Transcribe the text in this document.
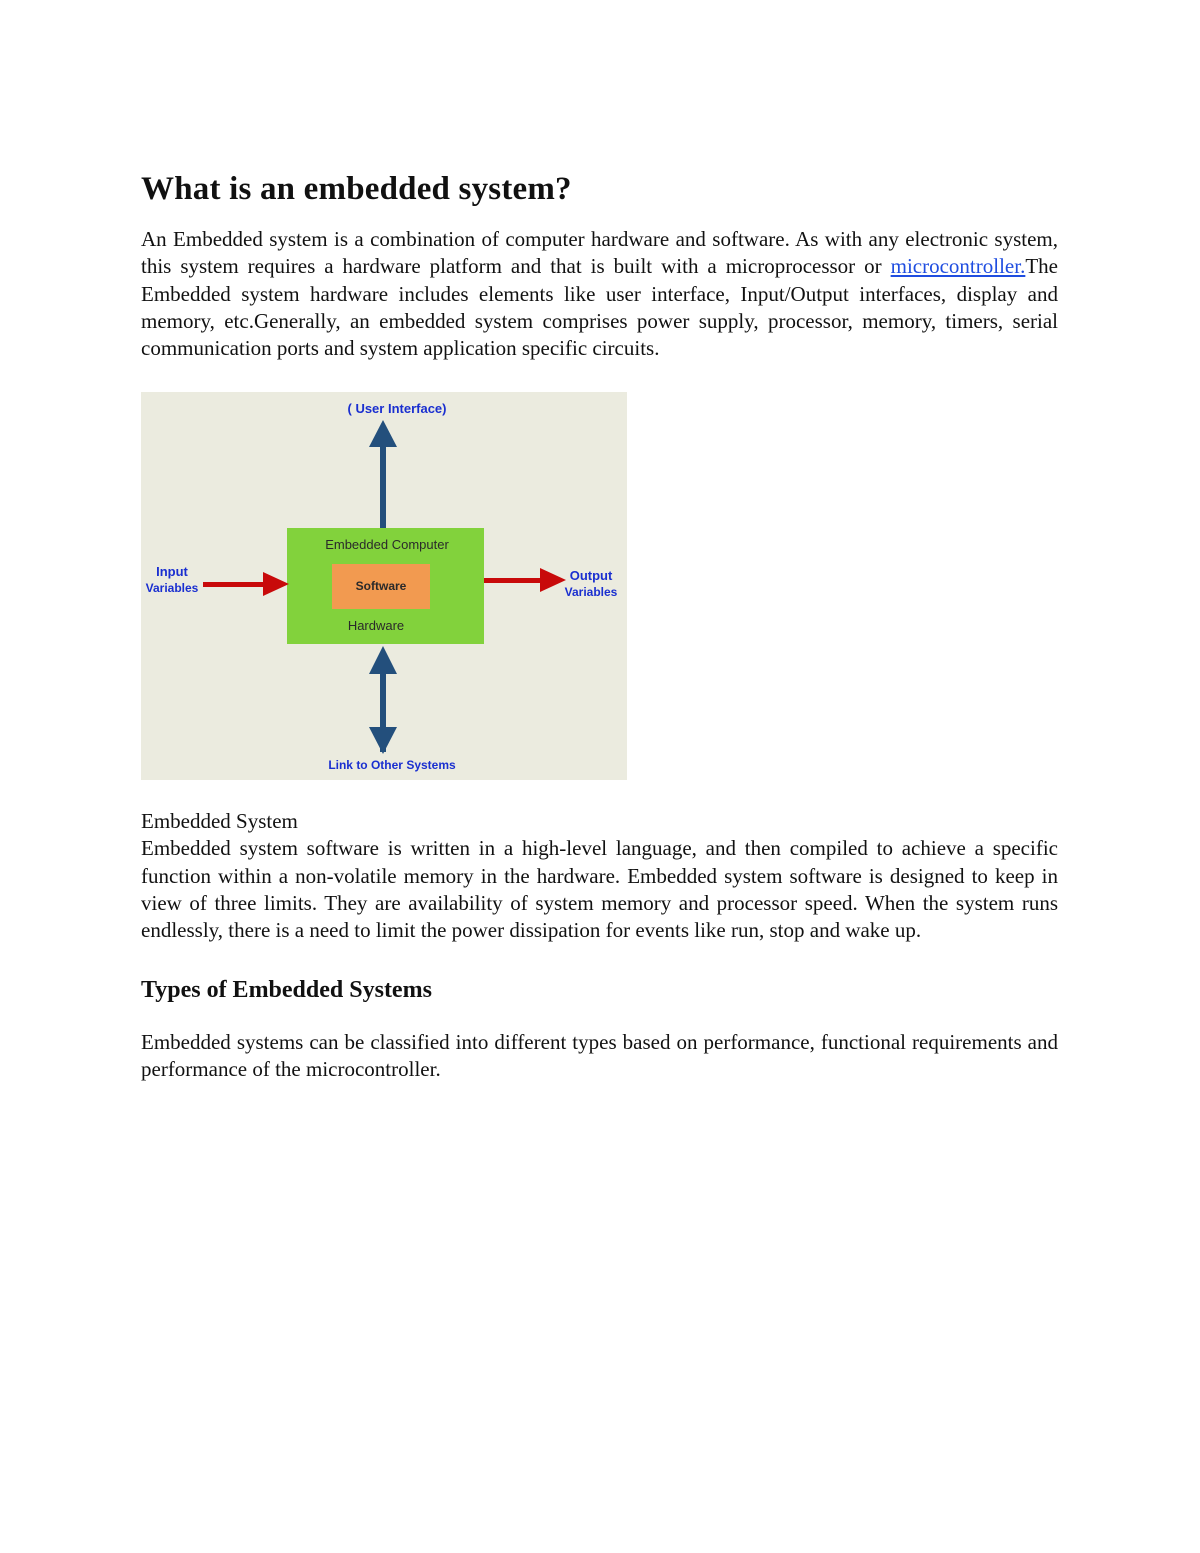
What is an embedded system?

An Embedded system is a combination of computer hardware and software. As with any electronic system, this system requires a hardware platform and that is built with a microprocessor or microcontroller.The Embedded system hardware includes elements like user interface, Input/Output interfaces, display and memory, etc.Generally, an embedded system comprises power supply, processor, memory, timers, serial communication ports and system application specific circuits.

( User Interface)
Embedded Computer
Software
Hardware
Input
Variables
Output
Variables
Link to Other Systems
Embedded System

Embedded system software is written in a high-level language, and then compiled to achieve a specific function within a non-volatile memory in the hardware. Embedded system software is designed to keep in view of three limits. They are availability of system memory and processor speed. When the system runs endlessly, there is a need to limit the power dissipation for events like run, stop and wake up.

Types of Embedded Systems

Embedded systems can be classified into different types based on performance, functional requirements and performance of the microcontroller.
